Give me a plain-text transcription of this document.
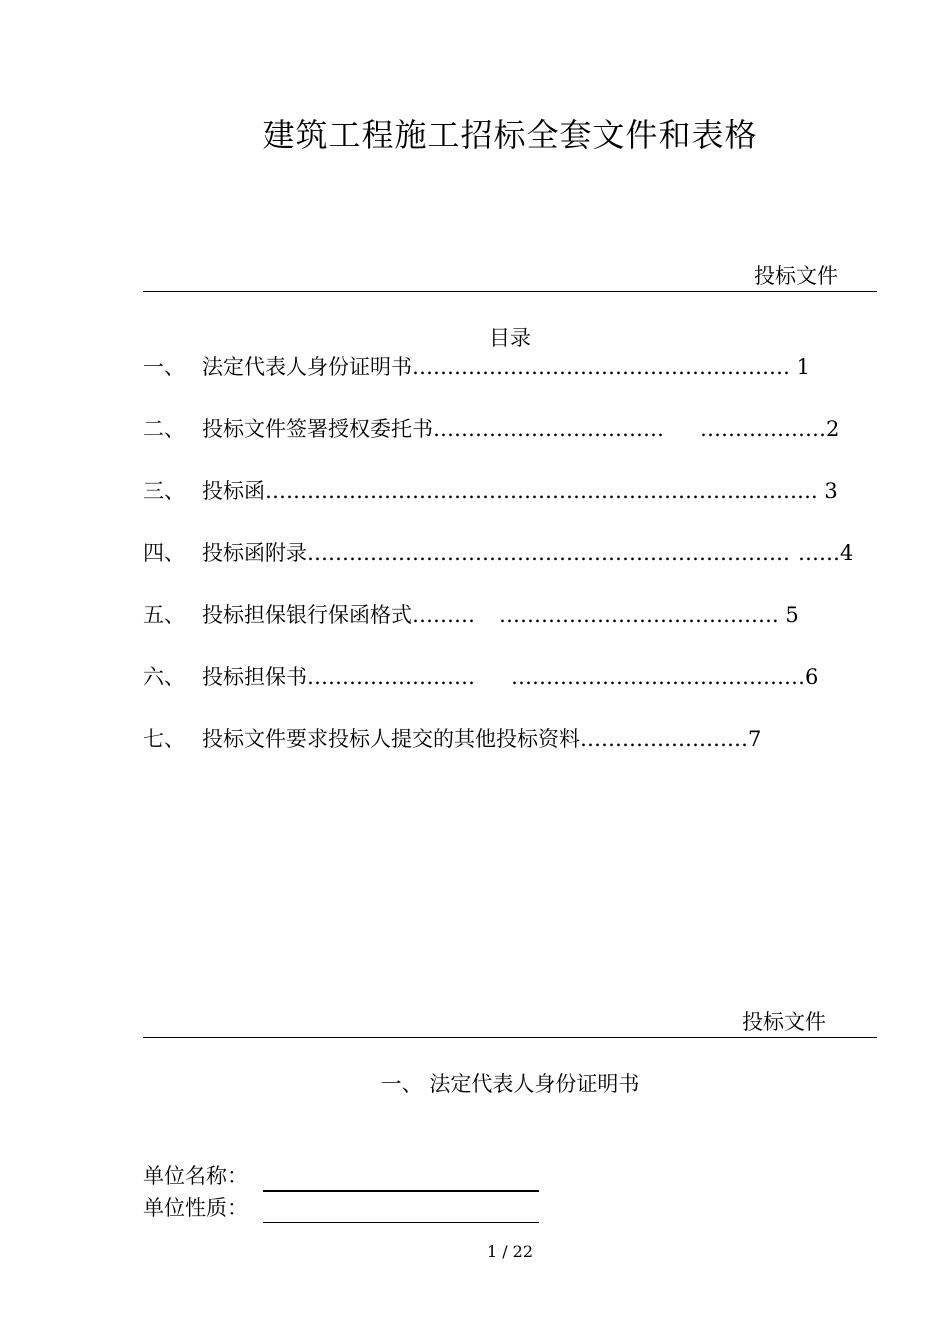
建筑工程施工招标全套文件和表格
投标文件
目录
一、 法定代表人身份证明书……………………………………………… 1
二、 投标文件签署授权委托书…………………………… ………………2
三、 投标函……………………………………………………………………. 3
四、 投标函附录…………………………………………………………… ……4
五、 投标担保银行保函格式……… …………………………………. 5
六、 投标担保书…………………… ……………………………………6
七、 投标文件要求投标人提交的其他投标资料……………………7
投标文件
一、 法定代表人身份证明书
单位名称：
单位性质：
1 / 22
